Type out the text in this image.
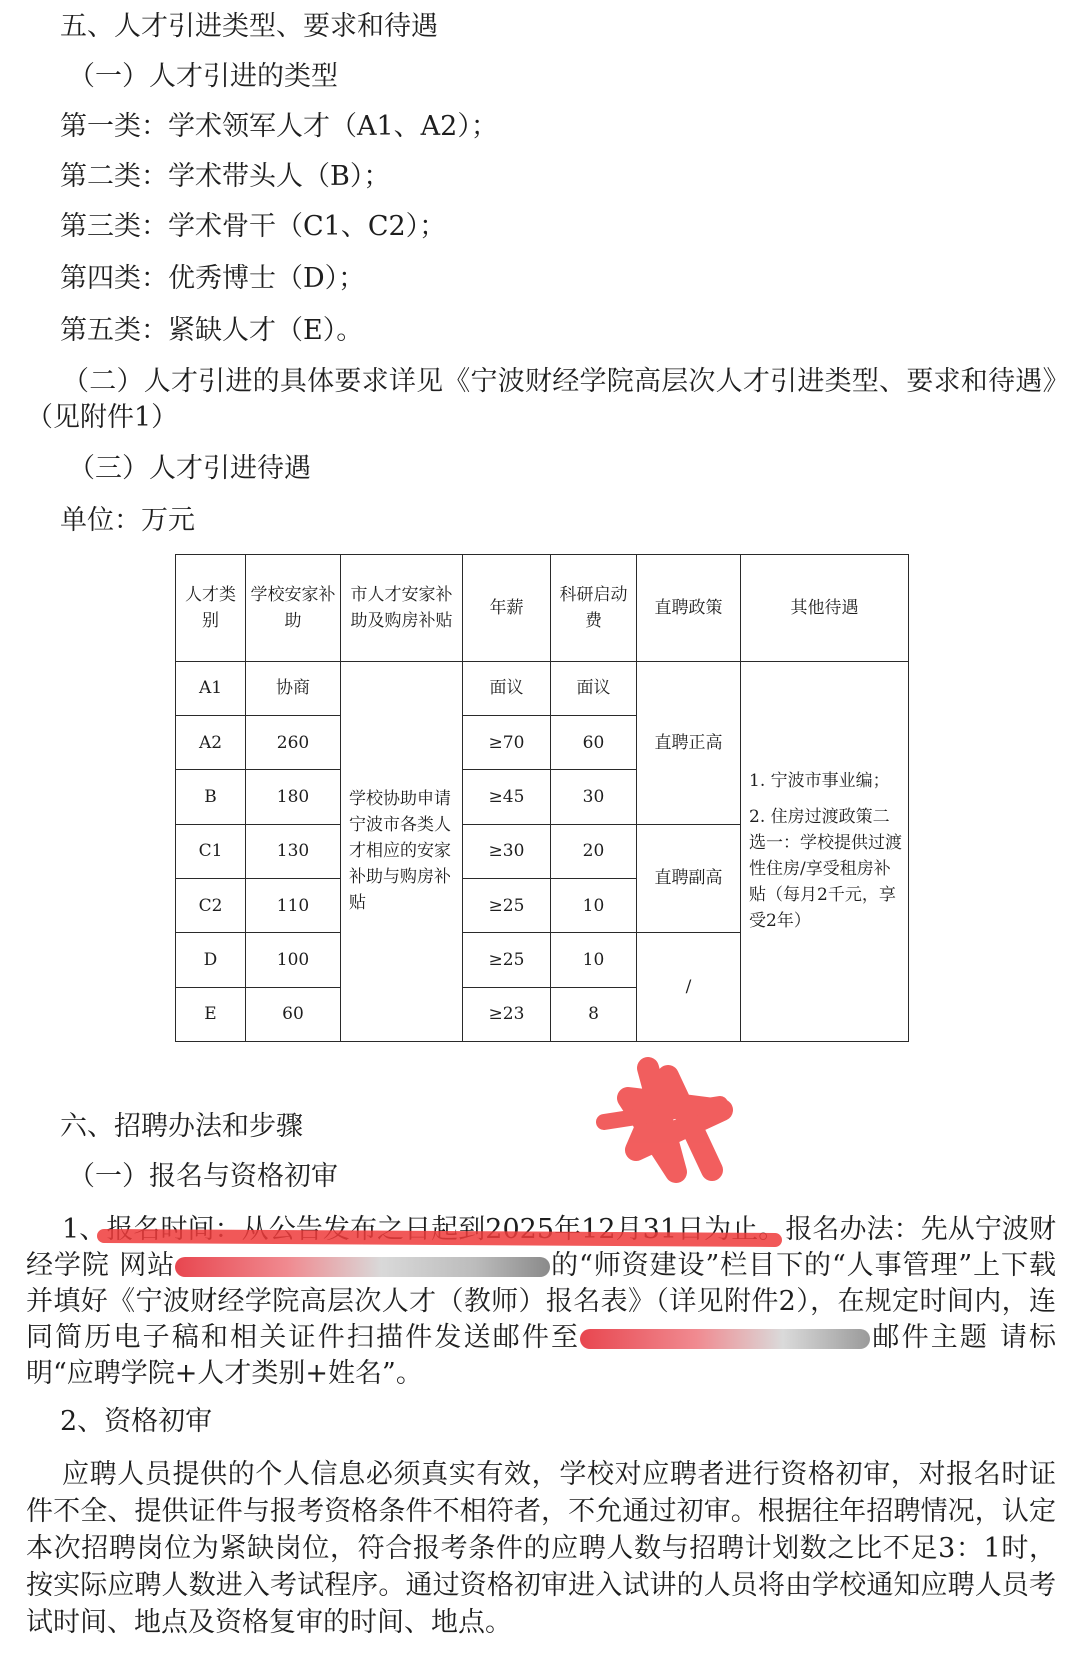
五、人才引进类型、要求和待遇
（一）人才引进的类型
第一类：学术领军人才（A1、A2）；
第二类：学术带头人（B）；
第三类：学术骨干（C1、C2）；
第四类：优秀博士（D）；
第五类：紧缺人才（E）。
（二）人才引进的具体要求详见《宁波财经学院高层次人才引进类型、要求和待遇》（见附件1）
（三）人才引进待遇
单位：万元
人才类别	学校安家补助	市人才安家补助及购房补贴	年薪	科研启动费	直聘政策	其他待遇
A1	协商	学校协助申请宁波市各类人才相应的安家补助与购房补贴	面议	面议	直聘正高	1. 宁波市事业编；
2. 住房过渡政策二选一：学校提供过渡性住房/享受租房补贴（每月2千元，享受2年）

A2	260		≥70	60		
B	180		≥45	30		
C1	130		≥30	20	直聘副高	
C2	110		≥25	10		
D	100		≥25	10	/	
E	60		≥23	8		
六、招聘办法和步骤
（一）报名与资格初审
1、报名时间：从公告发布之日起到2025年12月31日为止。报名办法：先从宁波财经学院 网站	的“师资建设”栏目下的“人事管理”上下载并填好《宁波财经学院高层次人才（教师）报名表》（详见附件2），在规定时间内，连同简历电子稿和相关证件扫描件发送邮件至	邮件主题 请标明“应聘学院+人才类别+姓名”。
2、资格初审
应聘人员提供的个人信息必须真实有效，学校对应聘者进行资格初审，对报名时证件不全、提供证件与报考资格条件不相符者，不允通过初审。根据往年招聘情况，认定本次招聘岗位为紧缺岗位，符合报考条件的应聘人数与招聘计划数之比不足3：1时，按实际应聘人数进入考试程序。通过资格初审进入试讲的人员将由学校通知应聘人员考试时间、地点及资格复审的时间、地点。
